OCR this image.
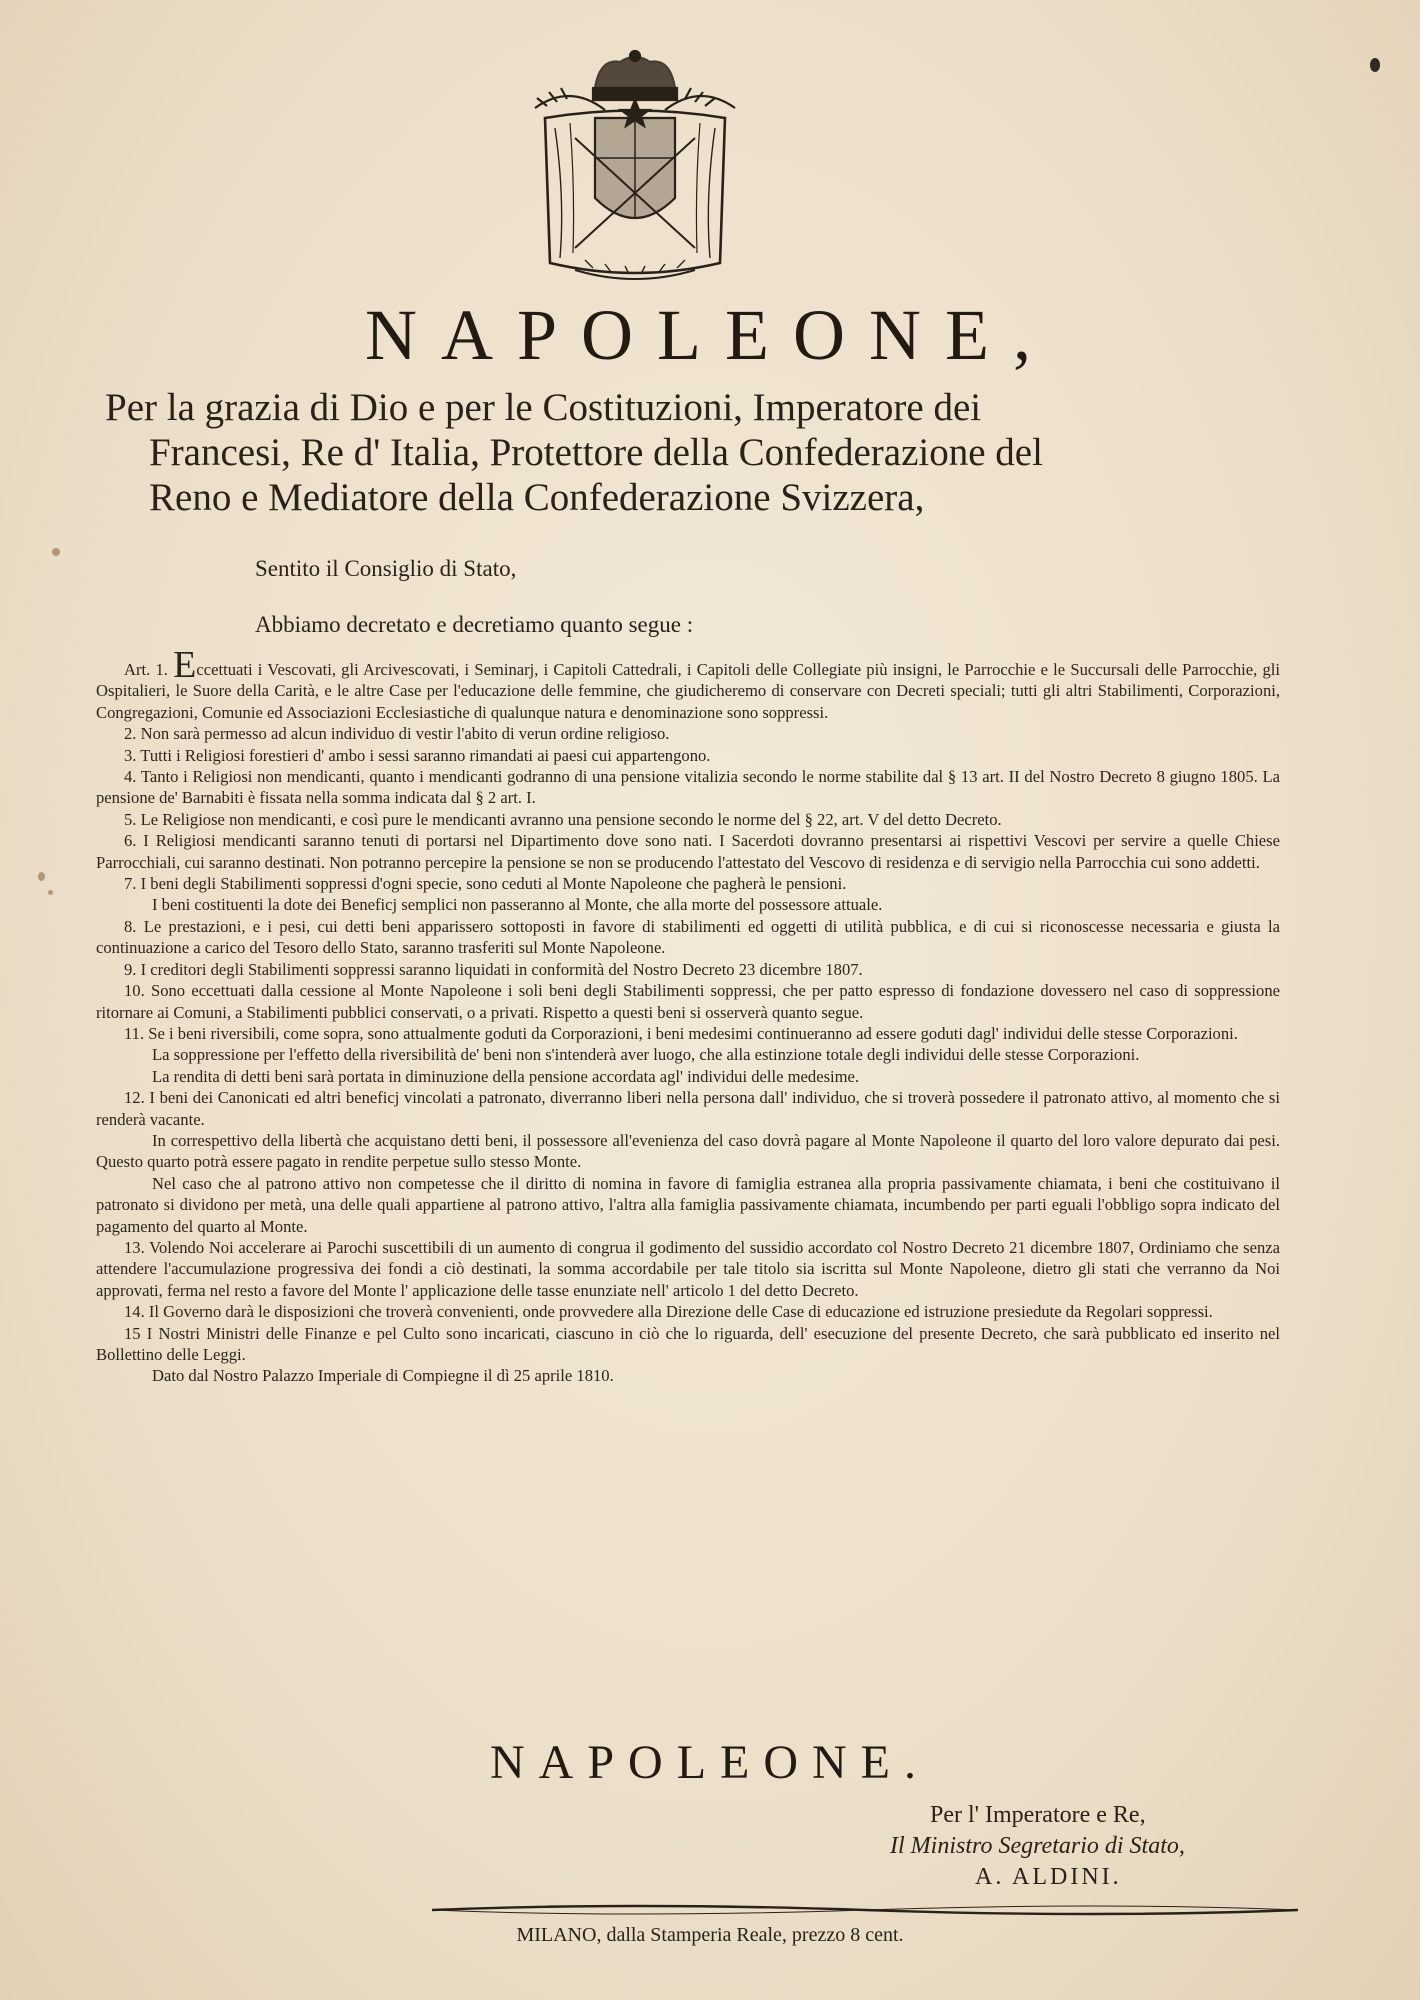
NAPOLEONE,
Per la grazia di Dio e per le Costituzioni, Imperatore dei
Francesi, Re d' Italia, Protettore della Confederazione del
Reno e Mediatore della Confederazione Svizzera,
Sentito il Consiglio di Stato,
Abbiamo decretato e decretiamo quanto segue :

Art. 1. Eccettuati i Vescovati, gli Arcivescovati, i Seminarj, i Capitoli Cattedrali, i Capitoli delle Collegiate più insigni, le Parrocchie e le Succursali delle Parrocchie, gli Ospitalieri, le Suore della Carità, e le altre Case per l'educazione delle femmine, che giudicheremo di conservare con Decreti speciali; tutti gli altri Stabilimenti, Corporazioni, Congregazioni, Comunie ed Associazioni Ecclesiastiche di qualunque natura e denominazione sono soppressi.

2. Non sarà permesso ad alcun individuo di vestir l'abito di verun ordine religioso.

3. Tutti i Religiosi forestieri d' ambo i sessi saranno rimandati ai paesi cui appartengono.

4. Tanto i Religiosi non mendicanti, quanto i mendicanti godranno di una pensione vitalizia secondo le norme stabilite dal § 13 art. II del Nostro Decreto 8 giugno 1805. La pensione de' Barnabiti è fissata nella somma indicata dal § 2 art. I.

5. Le Religiose non mendicanti, e così pure le mendicanti avranno una pensione secondo le norme del § 22, art. V del detto Decreto.

6. I Religiosi mendicanti saranno tenuti di portarsi nel Dipartimento dove sono nati. I Sacerdoti dovranno presentarsi ai rispettivi Vescovi per servire a quelle Chiese Parrocchiali, cui saranno destinati. Non potranno percepire la pensione se non se producendo l'attestato del Vescovo di residenza e di servigio nella Parrocchia cui sono addetti.

7. I beni degli Stabilimenti soppressi d'ogni specie, sono ceduti al Monte Napoleone che pagherà le pensioni.

I beni costituenti la dote dei Beneficj semplici non passeranno al Monte, che alla morte del possessore attuale.

8. Le prestazioni, e i pesi, cui detti beni apparissero sottoposti in favore di stabilimenti ed oggetti di utilità pubblica, e di cui si riconoscesse necessaria e giusta la continuazione a carico del Tesoro dello Stato, saranno trasferiti sul Monte Napoleone.

9. I creditori degli Stabilimenti soppressi saranno liquidati in conformità del Nostro Decreto 23 dicembre 1807.

10. Sono eccettuati dalla cessione al Monte Napoleone i soli beni degli Stabilimenti soppressi, che per patto espresso di fondazione dovessero nel caso di soppressione ritornare ai Comuni, a Stabilimenti pubblici conservati, o a privati. Rispetto a questi beni si osserverà quanto segue.

11. Se i beni riversibili, come sopra, sono attualmente goduti da Corporazioni, i beni medesimi continueranno ad essere goduti dagl' individui delle stesse Corporazioni.

La soppressione per l'effetto della riversibilità de' beni non s'intenderà aver luogo, che alla estinzione totale degli individui delle stesse Corporazioni.

La rendita di detti beni sarà portata in diminuzione della pensione accordata agl' individui delle medesime.

12. I beni dei Canonicati ed altri beneficj vincolati a patronato, diverranno liberi nella persona dall' individuo, che si troverà possedere il patronato attivo, al momento che si renderà vacante.

In correspettivo della libertà che acquistano detti beni, il possessore all'evenienza del caso dovrà pagare al Monte Napoleone il quarto del loro valore depurato dai pesi. Questo quarto potrà essere pagato in rendite perpetue sullo stesso Monte.

Nel caso che al patrono attivo non competesse che il diritto di nomina in favore di famiglia estranea alla propria passivamente chiamata, i beni che costituivano il patronato si dividono per metà, una delle quali appartiene al patrono attivo, l'altra alla famiglia passivamente chiamata, incumbendo per parti eguali l'obbligo sopra indicato del pagamento del quarto al Monte.

13. Volendo Noi accelerare ai Parochi suscettibili di un aumento di congrua il godimento del sussidio accordato col Nostro Decreto 21 dicembre 1807, Ordiniamo che senza attendere l'accumulazione progressiva dei fondi a ciò destinati, la somma accordabile per tale titolo sia iscritta sul Monte Napoleone, dietro gli stati che verranno da Noi approvati, ferma nel resto a favore del Monte l' applicazione delle tasse enunziate nell' articolo 1 del detto Decreto.

14. Il Governo darà le disposizioni che troverà convenienti, onde provvedere alla Direzione delle Case di educazione ed istruzione presiedute da Regolari soppressi.

15 I Nostri Ministri delle Finanze e pel Culto sono incaricati, ciascuno in ciò che lo riguarda, dell' esecuzione del presente Decreto, che sarà pubblicato ed inserito nel Bollettino delle Leggi.

Dato dal Nostro Palazzo Imperiale di Compiegne il dì 25 aprile 1810.

NAPOLEONE.
Per l' Imperatore e Re,
Il Ministro Segretario di Stato,
A. ALDINI.
MILANO, dalla Stamperia Reale, prezzo 8 cent.
